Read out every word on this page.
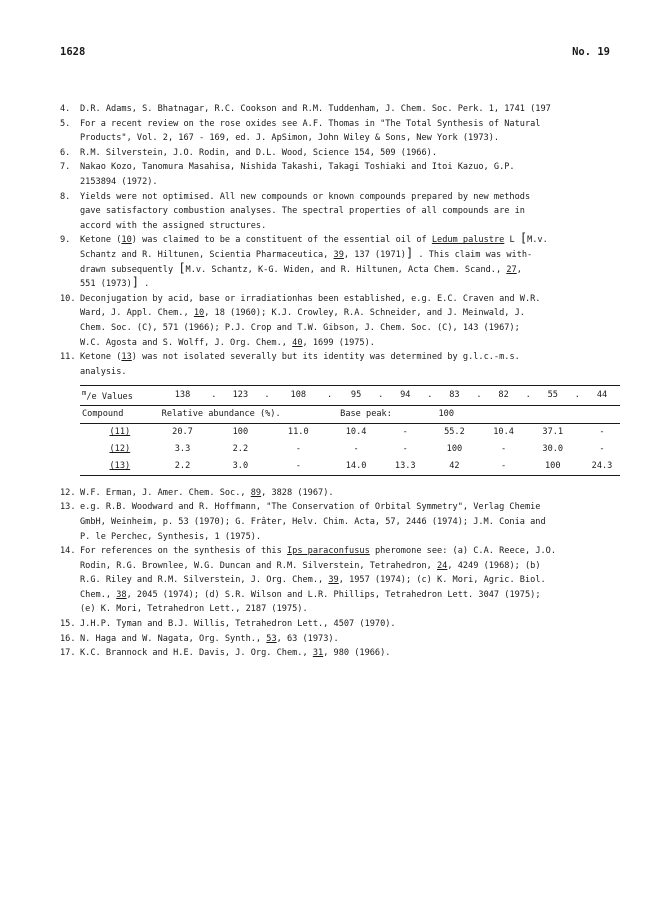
1628	No. 19
4.	D.R. Adams, S. Bhatnagar, R.C. Cookson and R.M. Tuddenham, J. Chem. Soc. Perk. 1, 1741 (197
5.	For a recent review on the rose oxides see A.F. Thomas in "The Total Synthesis of Natural
Products", Vol. 2, 167 - 169, ed. J. ApSimon, John Wiley & Sons, New York (1973).
6.	R.M. Silverstein, J.O. Rodin, and D.L. Wood, Science 154, 509 (1966).
7.	Nakao Kozo, Tanomura Masahisa, Nishida Takashi, Takagi Toshiaki and Itoi Kazuo, G.P.
2153894 (1972).
8.	Yields were not optimised. All new compounds or known compounds prepared by new methods
gave satisfactory combustion analyses. The spectral properties of all compounds are in
accord with the assigned structures.
9.	Ketone (10) was claimed to be a constituent of the essential oil of Ledum palustre L [M.v.
Schantz and R. Hiltunen, Scientia Pharmaceutica, 39, 137 (1971)] . This claim was with-
drawn subsequently [M.v. Schantz, K-G. Widen, and R. Hiltunen, Acta Chem. Scand., 27,
551 (1973)] .
10. Deconjugation by acid, base or irradiationhas been established, e.g. E.C. Craven and W.R.
Ward, J. Appl. Chem., 10, 18 (1960); K.J. Crowley, R.A. Schneider, and J. Meinwald, J.
Chem. Soc. (C), 571 (1966); P.J. Crop and T.W. Gibson, J. Chem. Soc. (C), 143 (1967);
W.C. Agosta and S. Wolff, J. Org. Chem., 40, 1699 (1975).
11. Ketone (13) was not isolated severally but its identity was determined by g.l.c.-m.s.
analysis.
$^m$/e Values	138	.	123	.	108	.	95	.	94	.	83	.	82	.	55	.	44
Compound	Relative abundance (%).						Base peak:				100						
(11)	20.7		100		11.0		10.4		-		55.2		10.4		37.1		-
(12)	3.3		2.2		-		-		-		100		-		30.0		-
(13)	2.2		3.0		-		14.0		13.3		42		-		100		24.3
12. W.F. Erman, J. Amer. Chem. Soc., 89, 3828 (1967).
13. e.g. R.B. Woodward and R. Hoffmann, "The Conservation of Orbital Symmetry", Verlag Chemie
GmbH, Weinheim, p. 53 (1970); G. Frâter, Helv. Chim. Acta, 57, 2446 (1974); J.M. Conia and
P. le Perchec, Synthesis, 1 (1975).
14. For references on the synthesis of this Ips paraconfusus pheromone see: (a) C.A. Reece, J.O.
Rodin, R.G. Brownlee, W.G. Duncan and R.M. Silverstein, Tetrahedron, 24, 4249 (1968); (b)
R.G. Riley and R.M. Silverstein, J. Org. Chem., 39, 1957 (1974); (c) K. Mori, Agric. Biol.
Chem., 38, 2045 (1974); (d) S.R. Wilson and L.R. Phillips, Tetrahedron Lett. 3047 (1975);
(e) K. Mori, Tetrahedron Lett., 2187 (1975).
15. J.H.P. Tyman and B.J. Willis, Tetrahedron Lett., 4507 (1970).
16. N. Haga and W. Nagata, Org. Synth., 53, 63 (1973).
17. K.C. Brannock and H.E. Davis, J. Org. Chem., 31, 980 (1966).
